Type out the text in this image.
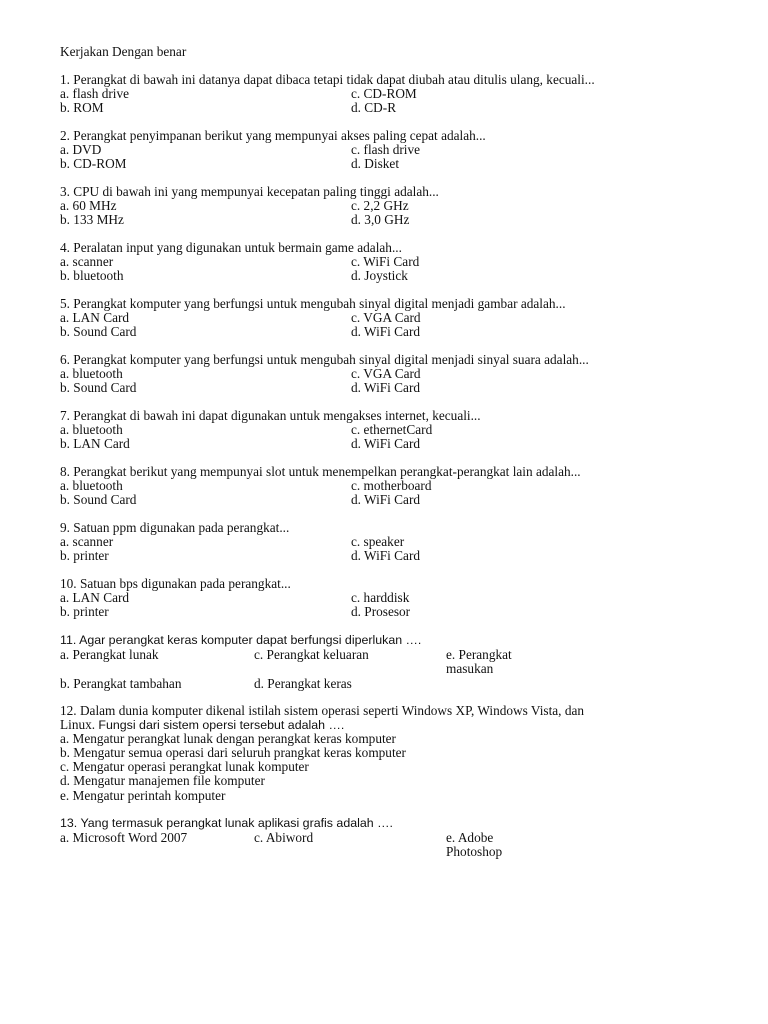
Kerjakan Dengan benar
1. Perangkat di bawah ini datanya dapat dibaca tetapi tidak dapat diubah atau ditulis ulang, kecuali...
a. flash drive	c. CD-ROM
b. ROM	d. CD-R
2. Perangkat penyimpanan berikut yang mempunyai akses paling cepat adalah...
a. DVD	c. flash drive
b. CD-ROM	d. Disket
3. CPU di bawah ini yang mempunyai kecepatan paling tinggi adalah...
a. 60 MHz	c. 2,2 GHz
b. 133 MHz	d. 3,0 GHz
4. Peralatan input yang digunakan untuk bermain game adalah...
a. scanner	c. WiFi Card
b. bluetooth	d. Joystick
5. Perangkat komputer yang berfungsi untuk mengubah sinyal digital menjadi gambar adalah...
a. LAN Card	c. VGA Card
b. Sound Card	d. WiFi Card
6. Perangkat komputer yang berfungsi untuk mengubah sinyal digital menjadi sinyal suara adalah...
a. bluetooth	c. VGA Card
b. Sound Card	d. WiFi Card
7. Perangkat di bawah ini dapat digunakan untuk mengakses internet, kecuali...
a. bluetooth	c. ethernetCard
b. LAN Card	d. WiFi Card
8. Perangkat berikut yang mempunyai slot untuk menempelkan perangkat-perangkat lain adalah...
a. bluetooth	c. motherboard
b. Sound Card	d. WiFi Card
9. Satuan ppm digunakan pada perangkat...
a. scanner	c. speaker
b. printer	d. WiFi Card
10. Satuan bps digunakan pada perangkat...
a. LAN Card	c. harddisk
b. printer	d. Prosesor
11. Agar perangkat keras komputer dapat berfungsi diperlukan ….
a. Perangkat lunak	c. Perangkat keluaran	e. Perangkat
masukan
b. Perangkat tambahan	d. Perangkat keras
12. Dalam dunia komputer dikenal istilah sistem operasi seperti Windows XP, Windows Vista, dan
Linux. Fungsi dari sistem opersi tersebut adalah ….
a. Mengatur perangkat lunak dengan perangkat keras komputer
b. Mengatur semua operasi dari seluruh prangkat keras komputer
c. Mengatur operasi perangkat lunak komputer
d. Mengatur manajemen file komputer
e. Mengatur perintah komputer
13. Yang termasuk perangkat lunak aplikasi grafis adalah ….
a. Microsoft Word 2007	c. Abiword	e. Adobe
Photoshop
